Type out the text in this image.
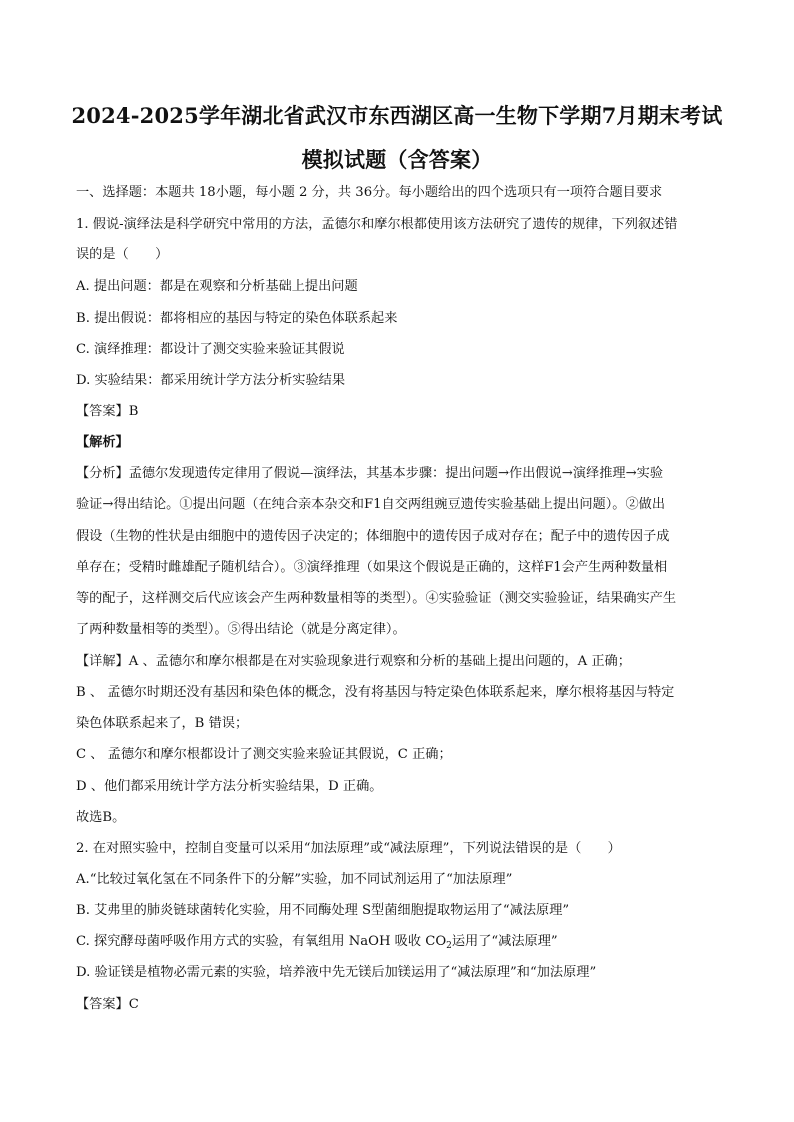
2024-2025学年湖北省武汉市东西湖区高一生物下学期7月期末考试
模拟试题（含答案）
一、选择题：本题共 18小题，每小题 2 分，共 36分。每小题给出的四个选项只有一项符合题目要求
1. 假说-演绎法是科学研究中常用的方法，孟德尔和摩尔根都使用该方法研究了遗传的规律，下列叙述错
误的是（　　）
A. 提出问题：都是在观察和分析基础上提出问题
B. 提出假说：都将相应的基因与特定的染色体联系起来
C. 演绎推理：都设计了测交实验来验证其假说
D. 实验结果：都采用统计学方法分析实验结果
【答案】B
【解析】
【分析】孟德尔发现遗传定律用了假说—演绎法，其基本步骤：提出问题→作出假说→演绎推理→实验
验证→得出结论。①提出问题（在纯合亲本杂交和F1自交两组豌豆遗传实验基础上提出问题）。②做出
假设（生物的性状是由细胞中的遗传因子决定的；体细胞中的遗传因子成对存在；配子中的遗传因子成
单存在；受精时雌雄配子随机结合）。③演绎推理（如果这个假说是正确的，这样F1会产生两种数量相
等的配子，这样测交后代应该会产生两种数量相等的类型）。④实验验证（测交实验验证，结果确实产生
了两种数量相等的类型）。⑤得出结论（就是分离定律）。
【详解】A 、孟德尔和摩尔根都是在对实验现象进行观察和分析的基础上提出问题的，A 正确；
B 、 孟德尔时期还没有基因和染色体的概念，没有将基因与特定染色体联系起来，摩尔根将基因与特定
染色体联系起来了，B 错误；
C 、 孟德尔和摩尔根都设计了测交实验来验证其假说，C 正确；
D 、他们都采用统计学方法分析实验结果，D 正确。
故选B。
2. 在对照实验中，控制自变量可以采用“加法原理”或“减法原理”，下列说法错误的是（　　）
A.“比较过氧化氢在不同条件下的分解”实验，加不同试剂运用了“加法原理”
B. 艾弗里的肺炎链球菌转化实验，用不同酶处理 S型菌细胞提取物运用了“减法原理”
C. 探究酵母菌呼吸作用方式的实验，有氧组用 NaOH 吸收 $CO_2$运用了“减法原理”
D. 验证镁是植物必需元素的实验，培养液中先无镁后加镁运用了“减法原理”和“加法原理”
【答案】C
